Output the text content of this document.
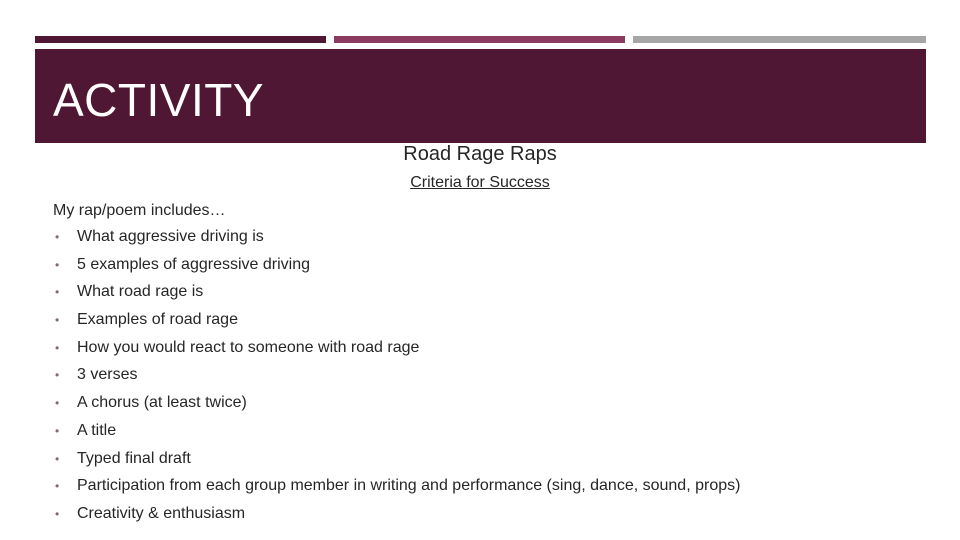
ACTIVITY
Road Rage Raps
Criteria for Success
My rap/poem includes…
• What aggressive driving is
• 5 examples of aggressive driving
• What road rage is
• Examples of road rage
• How you would react to someone with road rage
• 3 verses
• A chorus (at least twice)
• A title
• Typed final draft
• Participation from each group member in writing and performance (sing, dance, sound, props)
• Creativity & enthusiasm
